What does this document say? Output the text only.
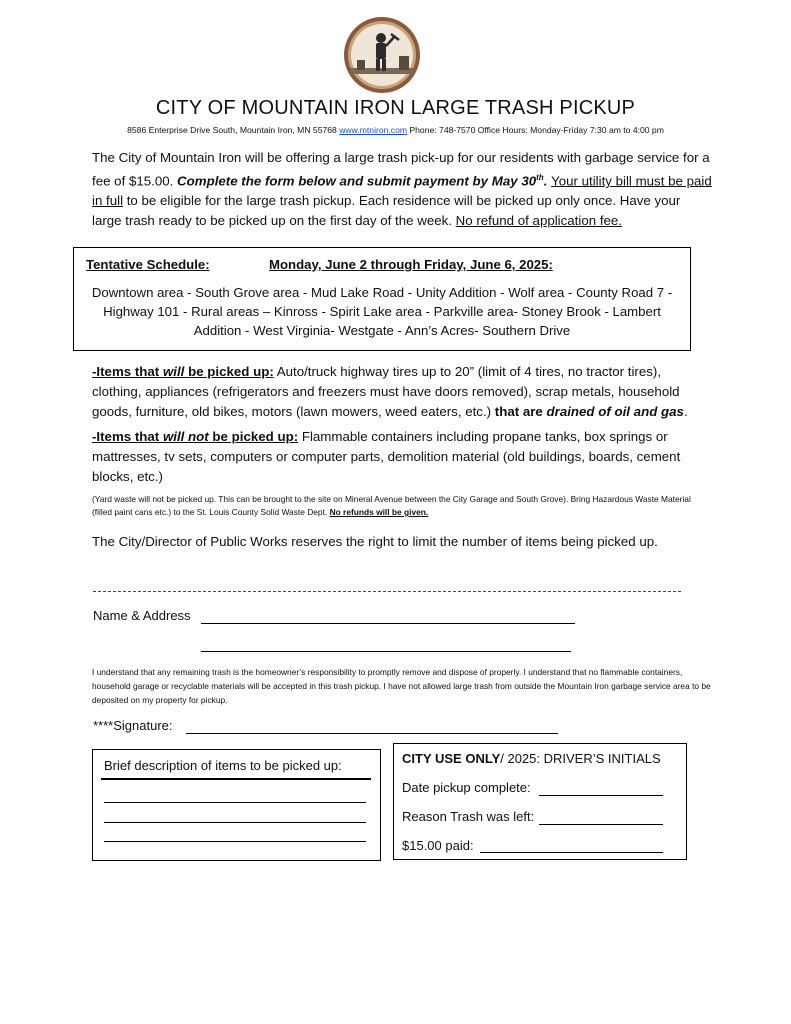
CITY OF MOUNTAIN IRON LARGE TRASH PICKUP
8586 Enterprise Drive South, Mountain Iron, MN 55768 www.mtniron.com Phone: 748-7570 Office Hours: Monday-Friday 7:30 am to 4:00 pm
The City of Mountain Iron will be offering a large trash pick-up for our residents with garbage service for a fee of $15.00. Complete the form below and submit payment by May 30th. Your utility bill must be paid in full to be eligible for the large trash pickup. Each residence will be picked up only once. Have your large trash ready to be picked up on the first day of the week. No refund of application fee.
Tentative Schedule:	Monday, June 2 through Friday, June 6, 2025:
Downtown area - South Grove area - Mud Lake Road - Unity Addition - Wolf area - County Road 7 - Highway 101 - Rural areas – Kinross - Spirit Lake area - Parkville area- Stoney Brook - Lambert Addition - West Virginia- Westgate - Ann’s Acres- Southern Drive
-Items that will be picked up: Auto/truck highway tires up to 20” (limit of 4 tires, no tractor tires), clothing, appliances (refrigerators and freezers must have doors removed), scrap metals, household goods, furniture, old bikes, motors (lawn mowers, weed eaters, etc.) that are drained of oil and gas.
-Items that will not be picked up: Flammable containers including propane tanks, box springs or mattresses, tv sets, computers or computer parts, demolition material (old buildings, boards, cement blocks, etc.)
(Yard waste will not be picked up. This can be brought to the site on Mineral Avenue between the City Garage and South Grove). Bring Hazardous Waste Material (filled paint cans etc.) to the St. Louis County Solid Waste Dept. No refunds will be given.
The City/Director of Public Works reserves the right to limit the number of items being picked up.
Name & Address
I understand that any remaining trash is the homeowner’s responsibility to promptly remove and dispose of properly. I understand that no flammable containers, household garage or recyclable materials will be accepted in this trash pickup. I have not allowed large trash from outside the Mountain Iron garbage service area to be deposited on my property for pickup.
****Signature:
Brief description of items to be picked up:	CITY USE ONLY/ 2025: DRIVER’S INITIALS
Date pickup complete:
Reason Trash was left:
$15.00 paid:
